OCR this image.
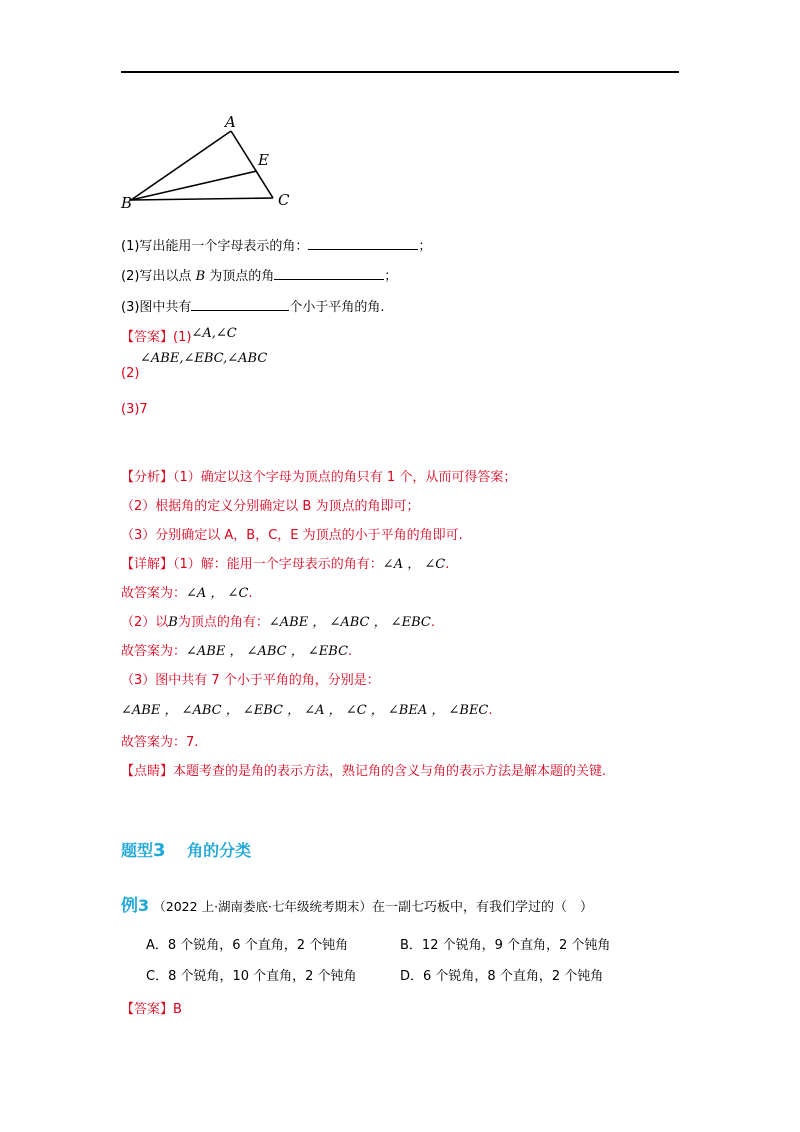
A
E
B	C
(1)写出能用一个字母表示的角：	；
(2)写出以点 B 为顶点的角	；
(3)图中共有	个小于平角的角.
【答案】(1)∠A,∠C
∠ABE,∠EBC,∠ABC
(2)
(3)7
【分析】（1）确定以这个字母为顶点的角只有 1 个，从而可得答案；
（2）根据角的定义分别确定以 B 为顶点的角即可；
（3）分别确定以 A，B，C，E 为顶点的小于平角的角即可.
【详解】（1）解：能用一个字母表示的角有：∠A ， ∠C.
故答案为：∠A ， ∠C.
（2）以B为顶点的角有：∠ABE ， ∠ABC ， ∠EBC.
故答案为：∠ABE ， ∠ABC ， ∠EBC.
（3）图中共有 7 个小于平角的角，分别是：
∠ABE ， ∠ABC ， ∠EBC ， ∠A ， ∠C ， ∠BEA ， ∠BEC.
故答案为：7.
【点睛】本题考查的是角的表示方法，熟记角的含义与角的表示方法是解本题的关键.
题型3 角的分类
例3 （2022 上·湖南娄底·七年级统考期末）在一副七巧板中，有我们学过的（　）
A．8 个锐角，6 个直角，2 个钝角	B．12 个锐角，9 个直角，2 个钝角
C．8 个锐角，10 个直角，2 个钝角	D．6 个锐角，8 个直角，2 个钝角
【答案】B
